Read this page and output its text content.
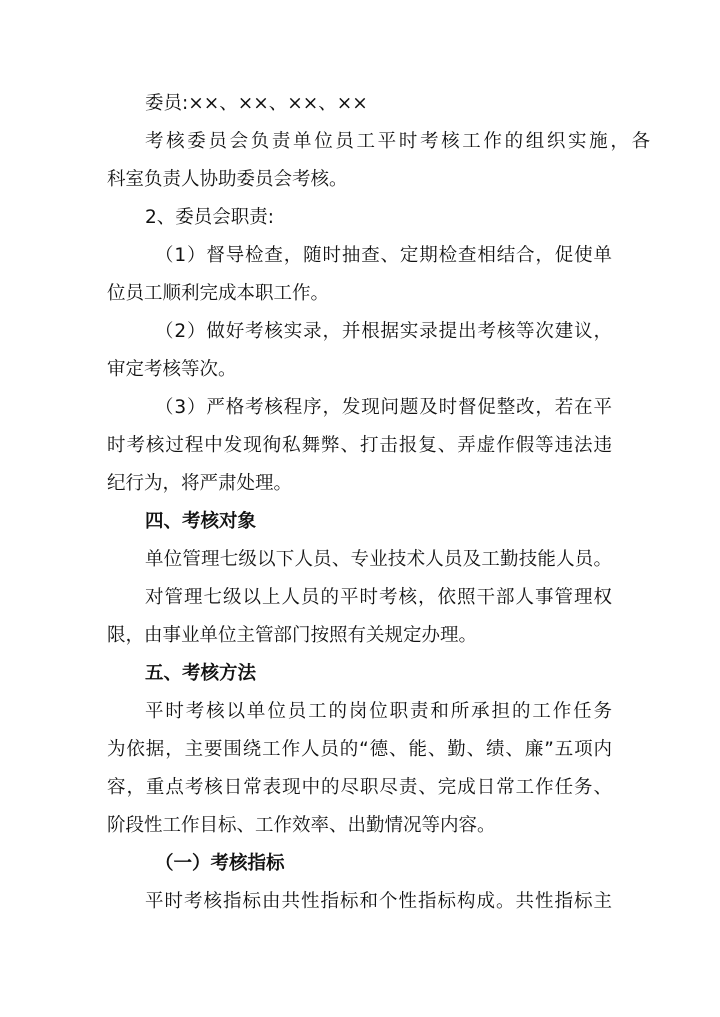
委员:××、××、××、××
考核委员会负责单位员工平时考核工作的组织实施，各
科室负责人协助委员会考核。
2、委员会职责:
（1）督导检查，随时抽查、定期检查相结合，促使单
位员工顺利完成本职工作。
（2）做好考核实录，并根据实录提出考核等次建议，
审定考核等次。
（3）严格考核程序，发现问题及时督促整改，若在平
时考核过程中发现徇私舞弊、打击报复、弄虚作假等违法违
纪行为，将严肃处理。
四、考核对象
单位管理七级以下人员、专业技术人员及工勤技能人员。
对管理七级以上人员的平时考核，依照干部人事管理权
限，由事业单位主管部门按照有关规定办理。
五、考核方法
平时考核以单位员工的岗位职责和所承担的工作任务
为依据，主要围绕工作人员的“德、能、勤、绩、廉”五项内
容，重点考核日常表现中的尽职尽责、完成日常工作任务、
阶段性工作目标、工作效率、出勤情况等内容。
（一）考核指标
平时考核指标由共性指标和个性指标构成。共性指标主
